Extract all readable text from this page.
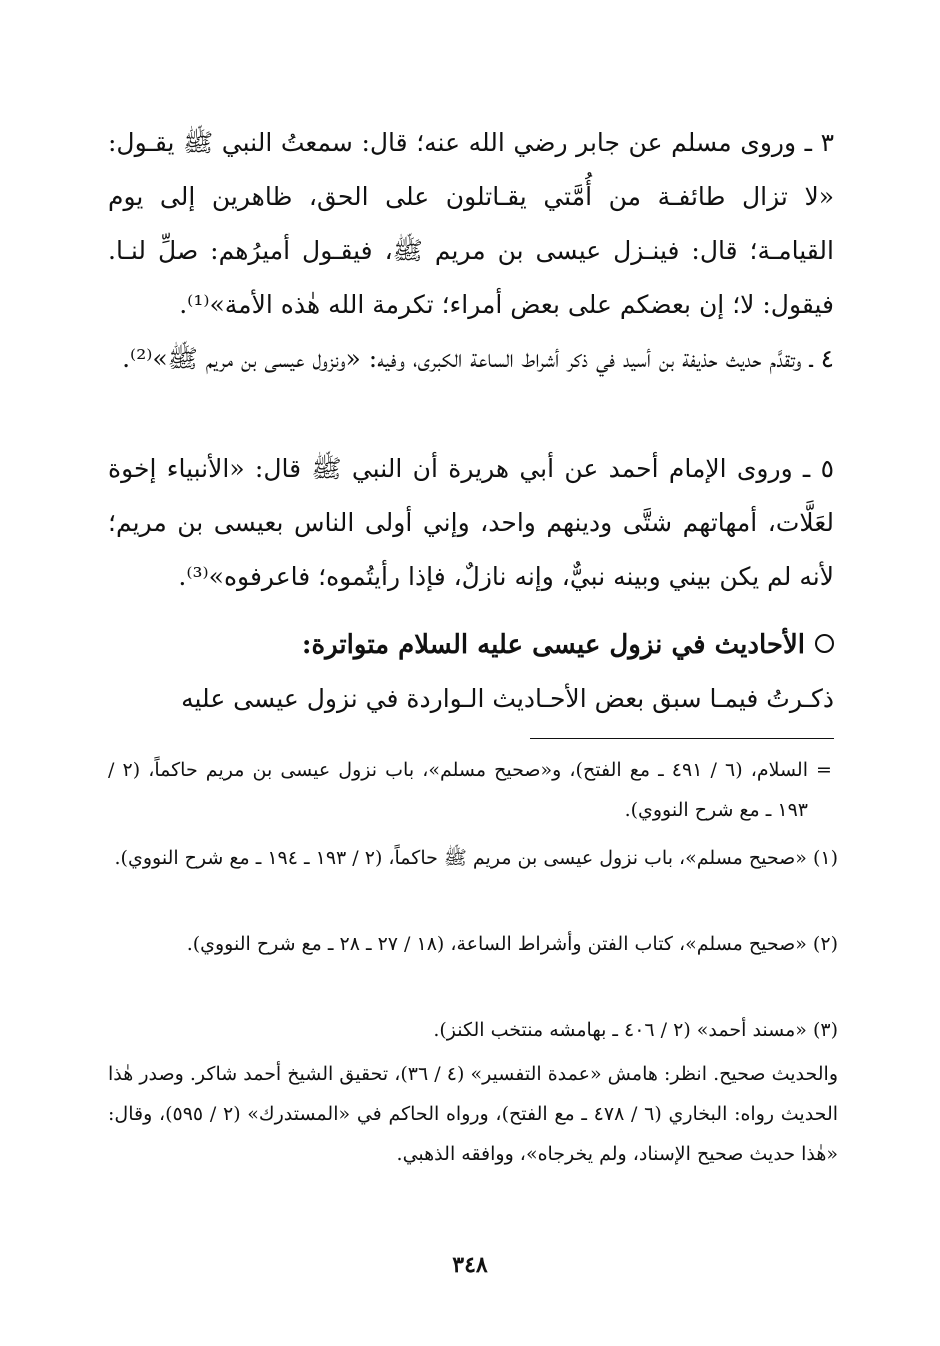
٣ ـ وروى مسلم عن جابر رضي الله عنه؛ قال: سمعتُ النبي ﷺ يقـول: «لا تزال طائفـة من أُمَّتي يقـاتلون على الحق، ظاهرين إلى يوم القيامـة؛ قال: فينـزل عيسى بن مريم ﷺ، فيقـول أميرُهم: صلِّ لنـا. فيقول: لا؛ إن بعضكم على بعض أمراء؛ تكرمة الله هٰذه الأمة»⁽¹⁾.

٤ ـ وتقدَّم حديث حذيفة بن أسيد في ذكر أشراط الساعة الكبرى، وفيه: «ونزول عيسى بن مريم ﷺ»⁽²⁾.

٥ ـ وروى الإمام أحمد عن أبي هريرة أن النبي ﷺ قال: «الأنبياء إخوة لعَلَّات، أمهاتهم شتَّى ودينهم واحد، وإني أولى الناس بعيسى بن مريم؛ لأنه لم يكن بيني وبينه نبيٌّ، وإنه نازلٌ، فإذا رأيتُموه؛ فاعرفوه»⁽³⁾.

الأحاديث في نزول عيسى عليه السلام متواترة:

ذكـرتُ فيمـا سبق بعض الأحـاديث الـواردة في نزول عيسى عليه

=

السلام، (٦ / ٤٩١ ـ مع الفتح)، و«صحيح مسلم»، باب نزول عيسى بن مريم حاكماً، (٢ / ١٩٣ ـ مع شرح النووي).

(١) «صحيح مسلم»، باب نزول عيسى بن مريم ﷺ حاكماً، (٢ / ١٩٣ ـ ١٩٤ ـ مع شرح النووي).

(٢) «صحيح مسلم»، كتاب الفتن وأشراط الساعة، (١٨ / ٢٧ ـ ٢٨ ـ مع شرح النووي).

(٣) «مسند أحمد» (٢ / ٤٠٦ ـ بهامشه منتخب الكنز).

والحديث صحيح. انظر: هامش «عمدة التفسير» (٤ / ٣٦)، تحقيق الشيخ أحمد شاكر. وصدر هٰذا الحديث رواه: البخاري (٦ / ٤٧٨ ـ مع الفتح)، ورواه الحاكم في «المستدرك» (٢ / ٥٩٥)، وقال: «هٰذا حديث صحيح الإسناد، ولم يخرجاه»، ووافقه الذهبي.

٣٤٨
